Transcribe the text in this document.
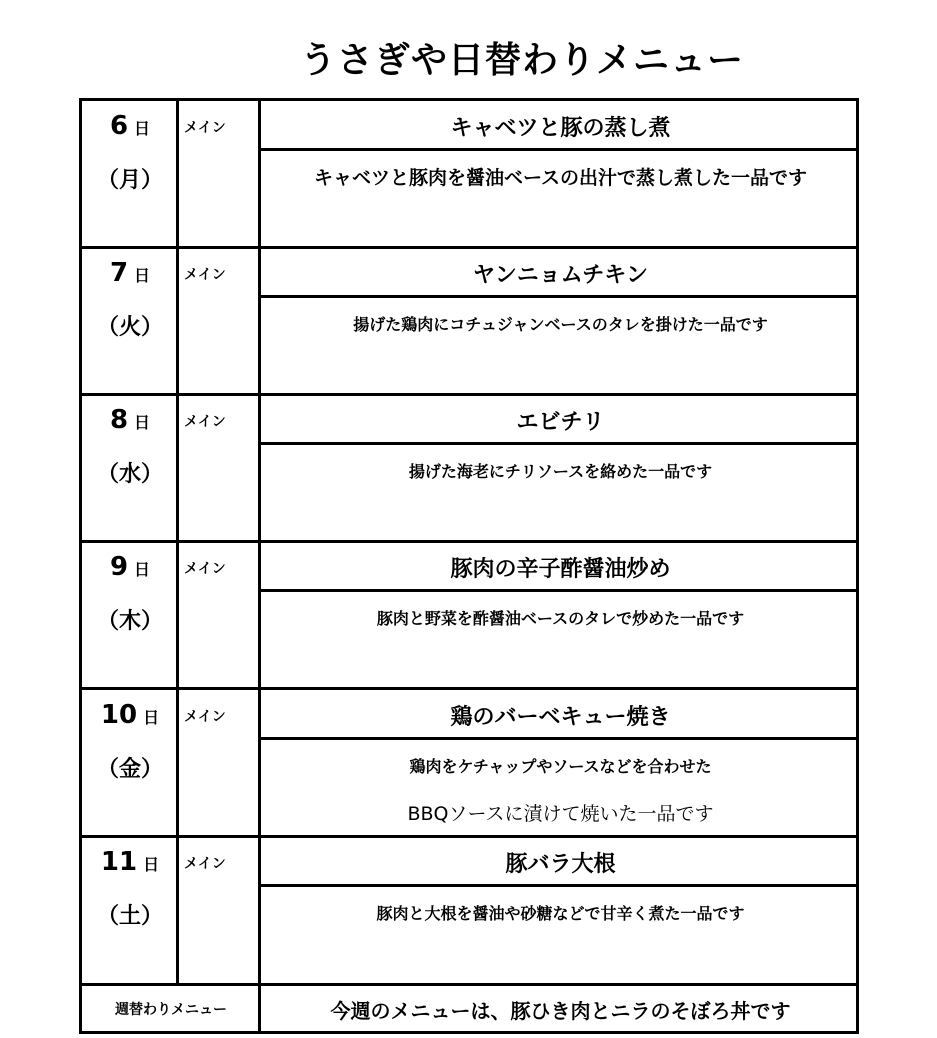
うさぎや日替わりメニュー
6 日
（月）
メイン	キャベツと豚の蒸し煮
キャベツと豚肉を醤油ベースの出汁で蒸し煮した一品です
7 日
（火）
メイン	ヤンニョムチキン
揚げた鶏肉にコチュジャンベースのタレを掛けた一品です
8 日
（水）
メイン	エビチリ
揚げた海老にチリソースを絡めた一品です
9 日
（木）
メイン	豚肉の辛子酢醤油炒め
豚肉と野菜を酢醤油ベースのタレで炒めた一品です
10 日
（金）
メイン	鶏のバーベキュー焼き
鶏肉をケチャップやソースなどを合わせた
BBQソースに漬けて焼いた一品です
11 日
（土）
メイン	豚バラ大根
豚肉と大根を醤油や砂糖などで甘辛く煮た一品です
週替わりメニュー	今週のメニューは、豚ひき肉とニラのそぼろ丼です
